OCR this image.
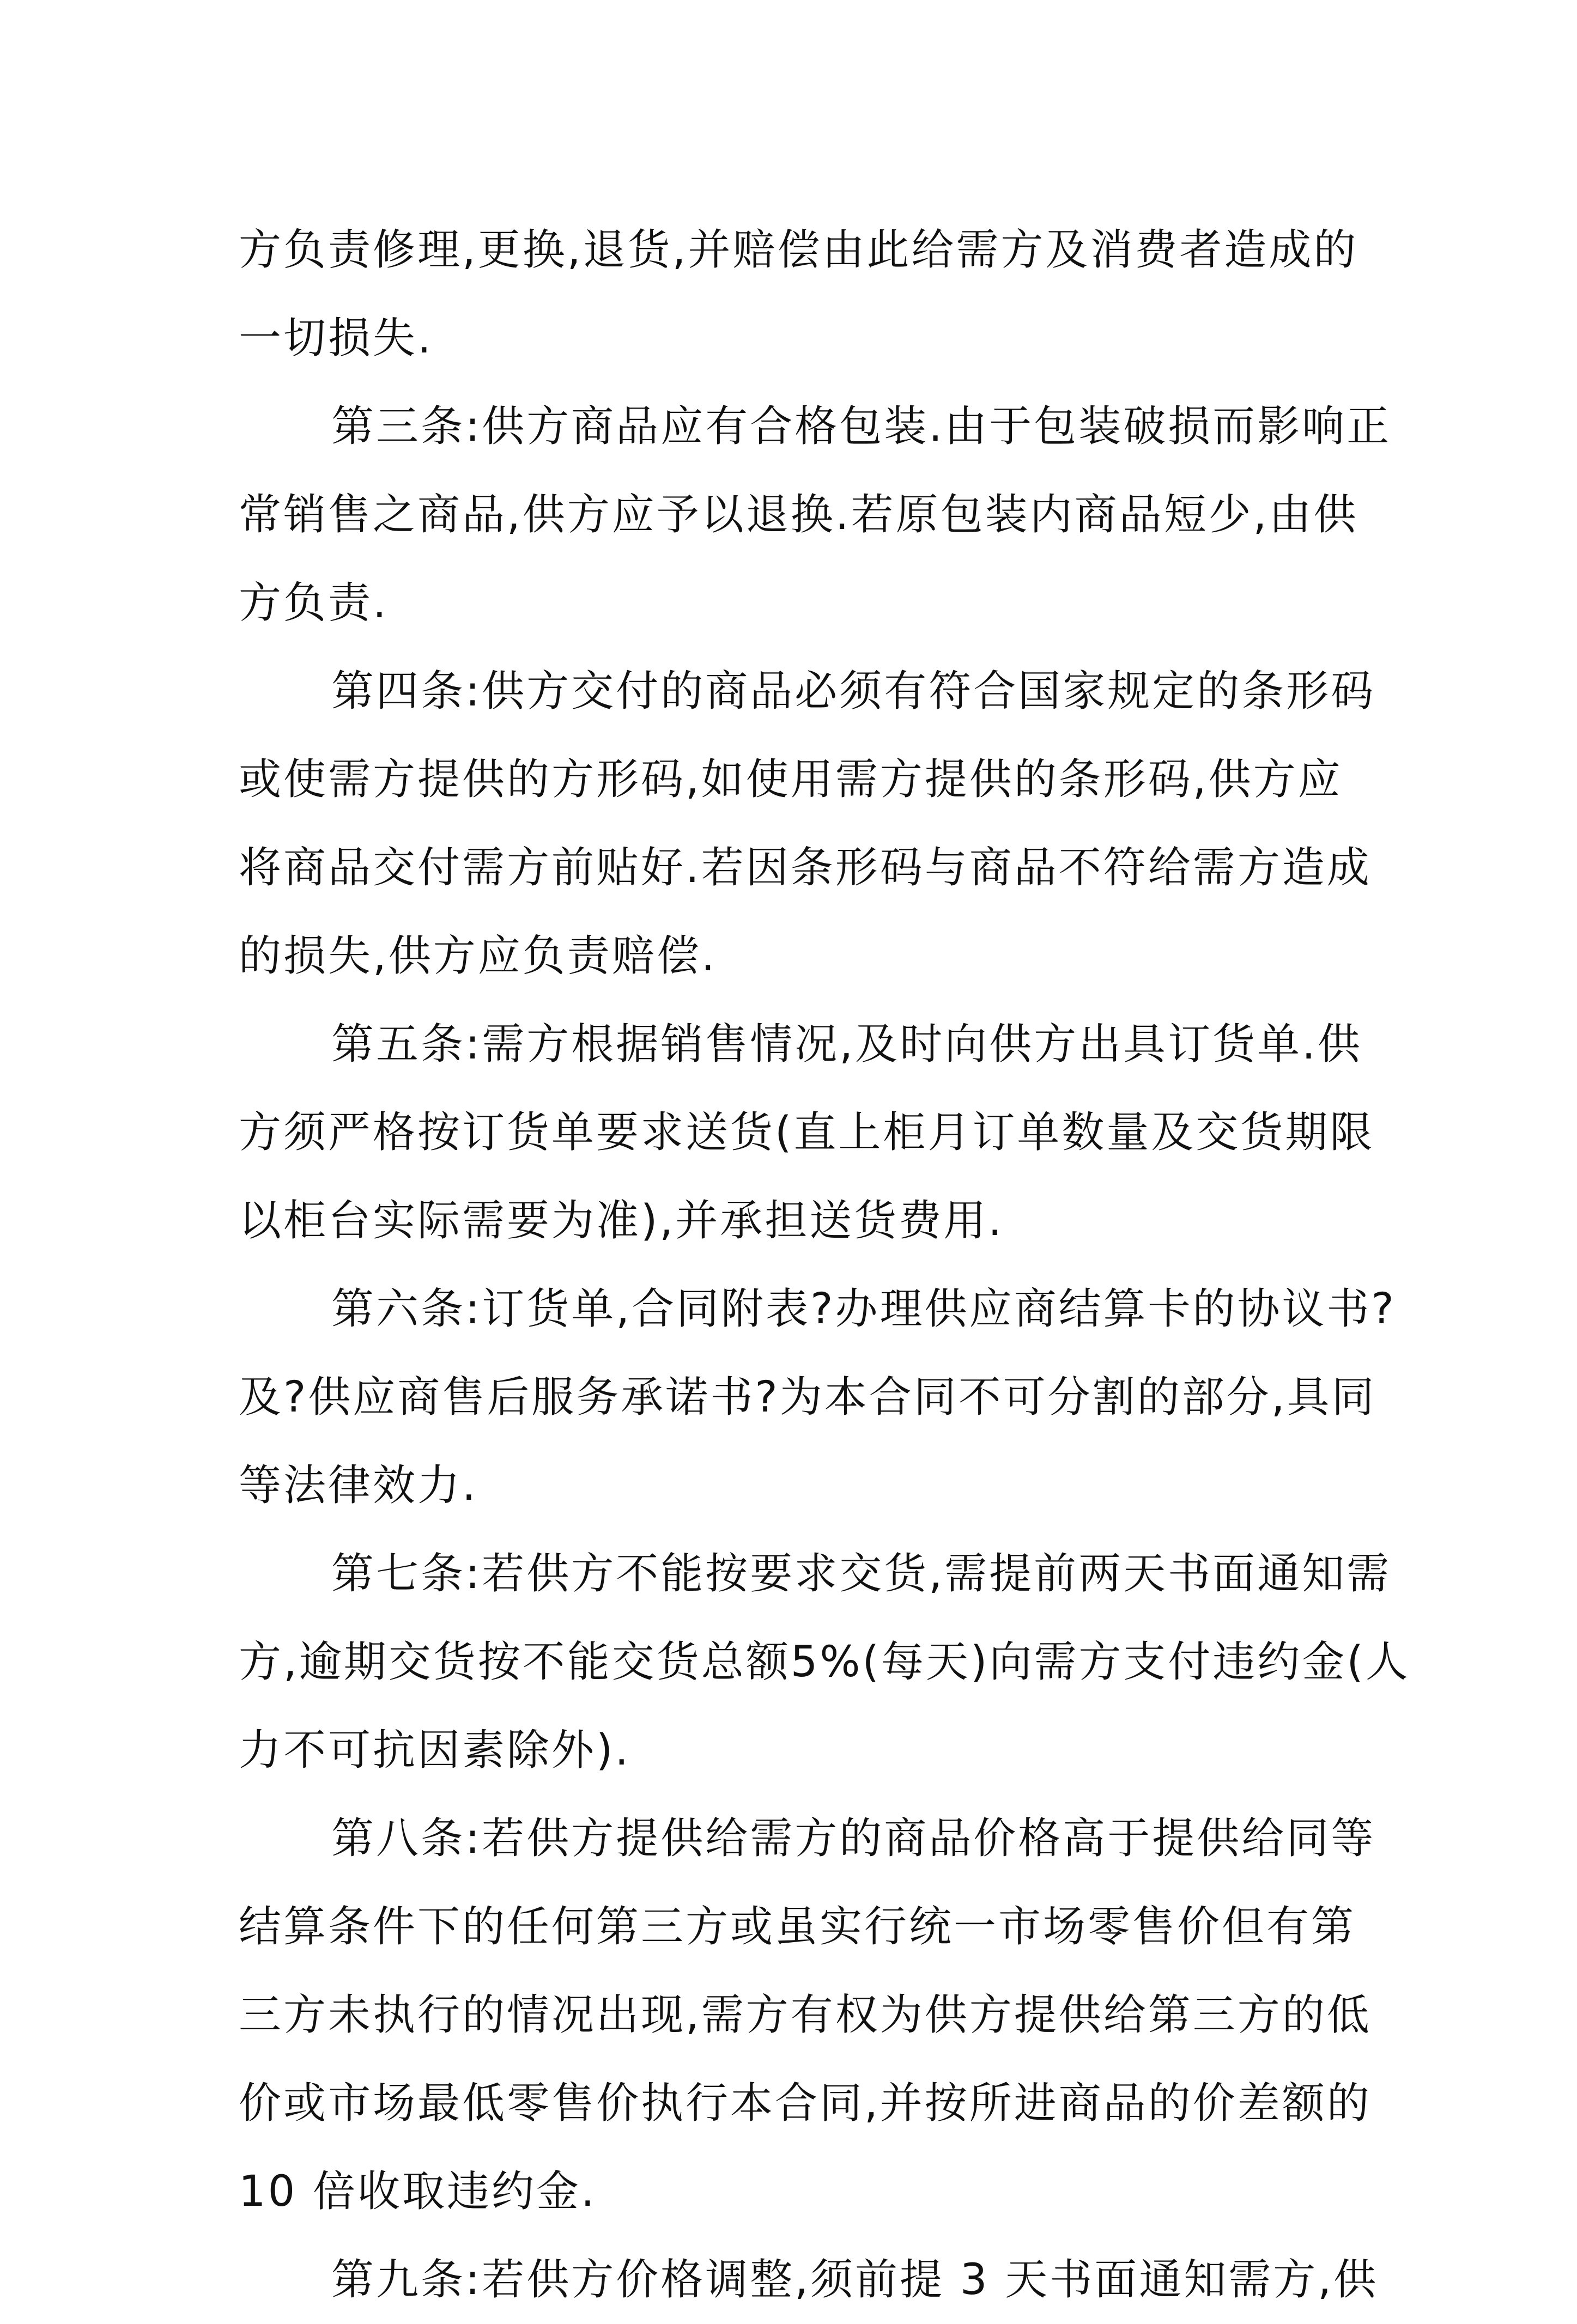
方负责修理,更换,退货,并赔偿由此给需方及消费者造成的
一切损失.
第三条:供方商品应有合格包装.由于包装破损而影响正
常销售之商品,供方应予以退换.若原包装内商品短少,由供
方负责.
第四条:供方交付的商品必须有符合国家规定的条形码
或使需方提供的方形码,如使用需方提供的条形码,供方应
将商品交付需方前贴好.若因条形码与商品不符给需方造成
的损失,供方应负责赔偿.
第五条:需方根据销售情况,及时向供方出具订货单.供
方须严格按订货单要求送货(直上柜月订单数量及交货期限
以柜台实际需要为准),并承担送货费用.
第六条:订货单,合同附表?办理供应商结算卡的协议书?
及?供应商售后服务承诺书?为本合同不可分割的部分,具同
等法律效力.
第七条:若供方不能按要求交货,需提前两天书面通知需
方,逾期交货按不能交货总额5%(每天)向需方支付违约金(人
力不可抗因素除外).
第八条:若供方提供给需方的商品价格高于提供给同等
结算条件下的任何第三方或虽实行统一市场零售价但有第
三方未执行的情况出现,需方有权为供方提供给第三方的低
价或市场最低零售价执行本合同,并按所进商品的价差额的
10 倍收取违约金.
第九条:若供方价格调整,须前提 3 天书面通知需方,供
